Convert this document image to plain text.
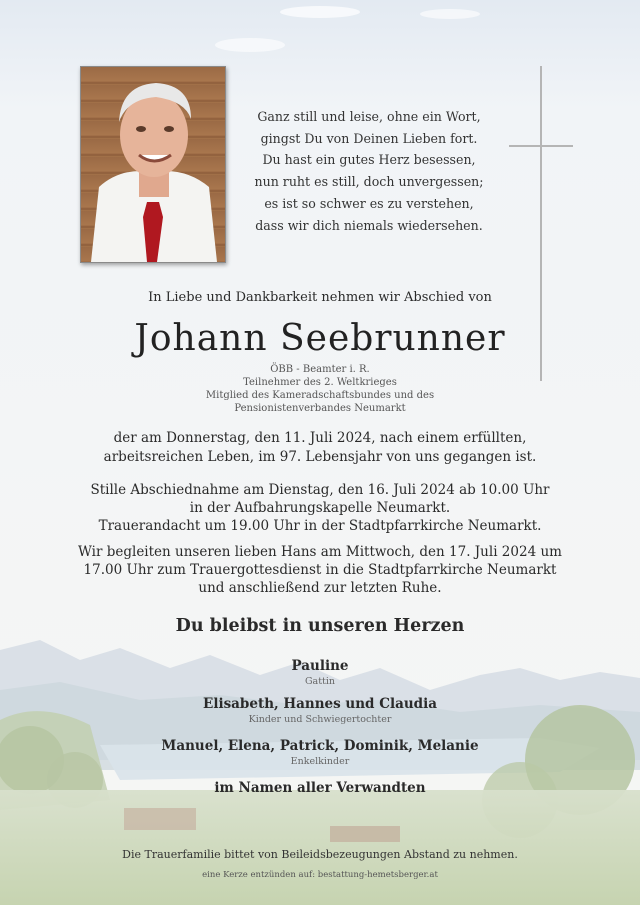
Ganz still und leise, ohne ein Wort,
gingst Du von Deinen Lieben fort.
Du hast ein gutes Herz besessen,
nun ruht es still, doch unvergessen;
es ist so schwer es zu verstehen,
dass wir dich niemals wiedersehen.
In Liebe und Dankbarkeit nehmen wir Abschied von
Johann Seebrunner
ÖBB - Beamter i. R.
Teilnehmer des 2. Weltkrieges
Mitglied des Kameradschaftsbundes und des
Pensionistenverbandes Neumarkt
der am Donnerstag, den 11. Juli 2024, nach einem erfüllten,
arbeitsreichen Leben, im 97. Lebensjahr von uns gegangen ist.
Stille Abschiednahme am Dienstag, den 16. Juli 2024 ab 10.00 Uhr
in der Aufbahrungskapelle Neumarkt.
Trauerandacht um 19.00 Uhr in der Stadtpfarrkirche Neumarkt.
Wir begleiten unseren lieben Hans am Mittwoch, den 17. Juli 2024 um
17.00 Uhr zum Trauergottesdienst in die Stadtpfarrkirche Neumarkt
und anschließend zur letzten Ruhe.
Du bleibst in unseren Herzen
Pauline
Gattin
Elisabeth, Hannes und Claudia
Kinder und Schwiegertochter
Manuel, Elena, Patrick, Dominik, Melanie
Enkelkinder
im Namen aller Verwandten
Die Trauerfamilie bittet von Beileidsbezeugungen Abstand zu nehmen.
eine Kerze entzünden auf: bestattung-hemetsberger.at
